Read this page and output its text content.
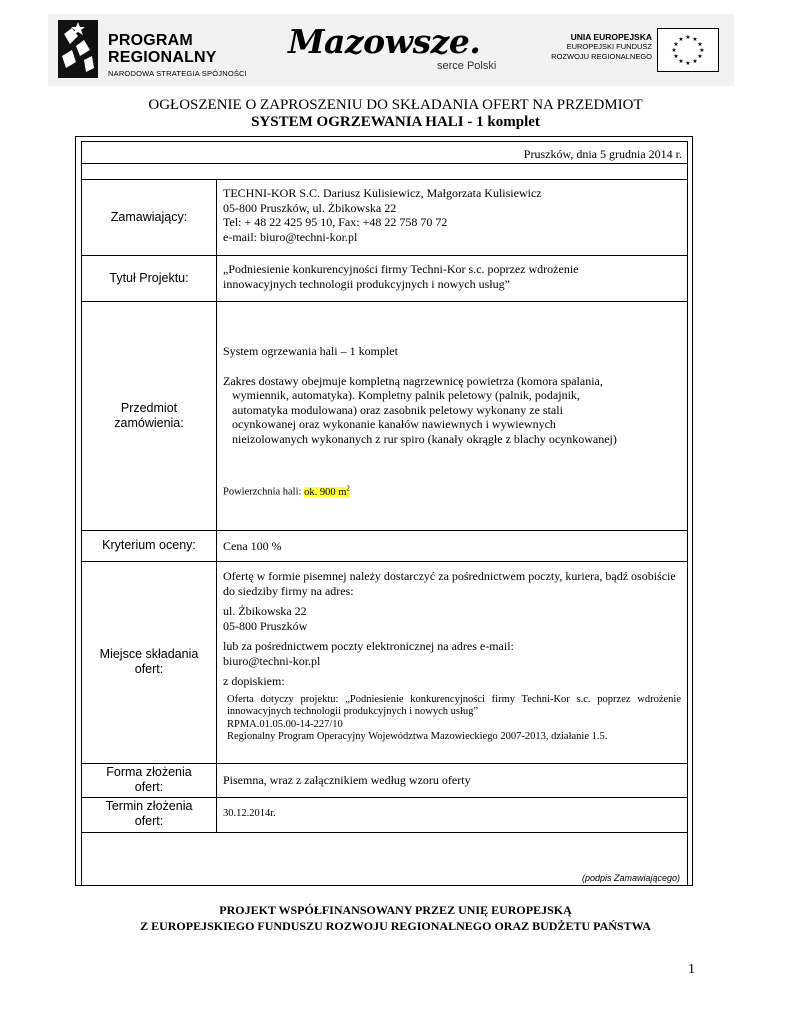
PROGRAM
REGIONALNY
NARODOWA STRATEGIA SPÓJNOŚCI
Mazowsze.
serce Polski
UNIA EUROPEJSKA
EUROPEJSKI FUNDUSZ
ROZWOJU REGIONALNEGO
★ ★
★
★
★
★
★
★
★
★
★
★
OGŁOSZENIE O ZAPROSZENIU DO SKŁADANIA OFERT NA PRZEDMIOT
SYSTEM OGRZEWANIA HALI - 1 komplet
Pruszków, dnia 5 grudnia 2014 r.
Zamawiający:

TECHNI-KOR S.C. Dariusz Kulisiewicz, Małgorzata Kulisiewicz

05-800 Pruszków, ul. Żbikowska 22

Tel: + 48 22 425 95 10, Fax: +48 22 758 70 72

e-mail: biuro@techni-kor.pl

Tytuł Projektu:

„Podniesienie konkurencyjności firmy Techni-Kor s.c. poprzez wdrożenie

innowacyjnych technologii produkcyjnych i nowych usług”

Przedmiot zamówienia:

System ogrzewania hali – 1 komplet

Zakres dostawy obejmuje kompletną nagrzewnicę powietrza (komora spalania,

wymiennik, automatyka). Kompletny palnik peletowy (palnik, podajnik,

automatyka modulowana) oraz zasobnik peletowy wykonany ze stali

ocynkowanej oraz wykonanie kanałów nawiewnych i wywiewnych

nieizolowanych wykonanych z rur spiro (kanały okrągłe z blachy ocynkowanej)

Powierzchnia hali: ok. 900 $m^2$
Kryterium oceny:	Cena 100 %
Miejsce składania ofert:

Ofertę w formie pisemnej należy dostarczyć za pośrednictwem poczty, kuriera, bądź osobiście do siedziby firmy na adres:

ul. Żbikowska 22

05-800 Pruszków

lub za pośrednictwem poczty elektronicznej na adres e-mail:

biuro@techni-kor.pl

z dopiskiem:

Oferta dotyczy projektu: „Podniesienie konkurencyjności firmy Techni-Kor s.c. poprzez wdrożenie innowacyjnych technologii produkcyjnych i nowych usług”

RPMA.01.05.00-14-227/10

Regionalny Program Operacyjny Województwa Mazowieckiego 2007-2013, działanie 1.5.

Forma złożenia ofert:	Pisemna, wraz z załącznikiem według wzoru oferty
Termin złożenia ofert:
30.12.2014r.
(podpis Zamawiającego)
PROJEKT WSPÓŁFINANSOWANY PRZEZ UNIĘ EUROPEJSKĄ
Z EUROPEJSKIEGO FUNDUSZU ROZWOJU REGIONALNEGO ORAZ BUDŻETU PAŃSTWA
1
